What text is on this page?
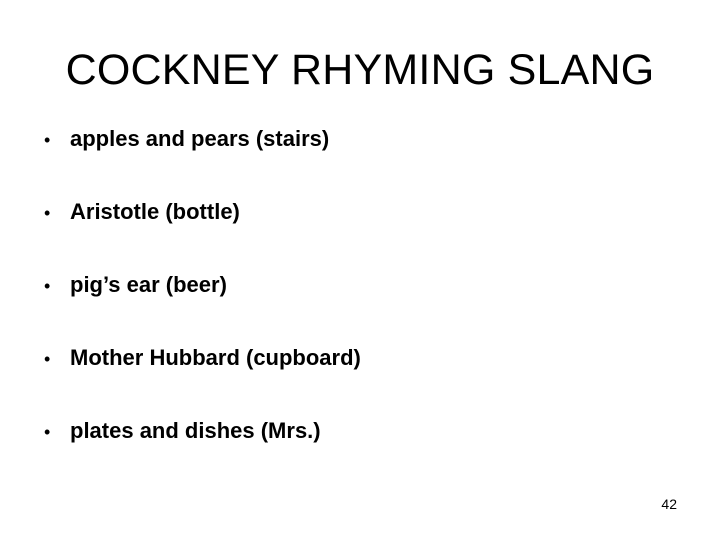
COCKNEY RHYMING SLANG
• apples and pears (stairs)
• Aristotle (bottle)
• pig’s ear (beer)
• Mother Hubbard (cupboard)
• plates and dishes (Mrs.)
42
